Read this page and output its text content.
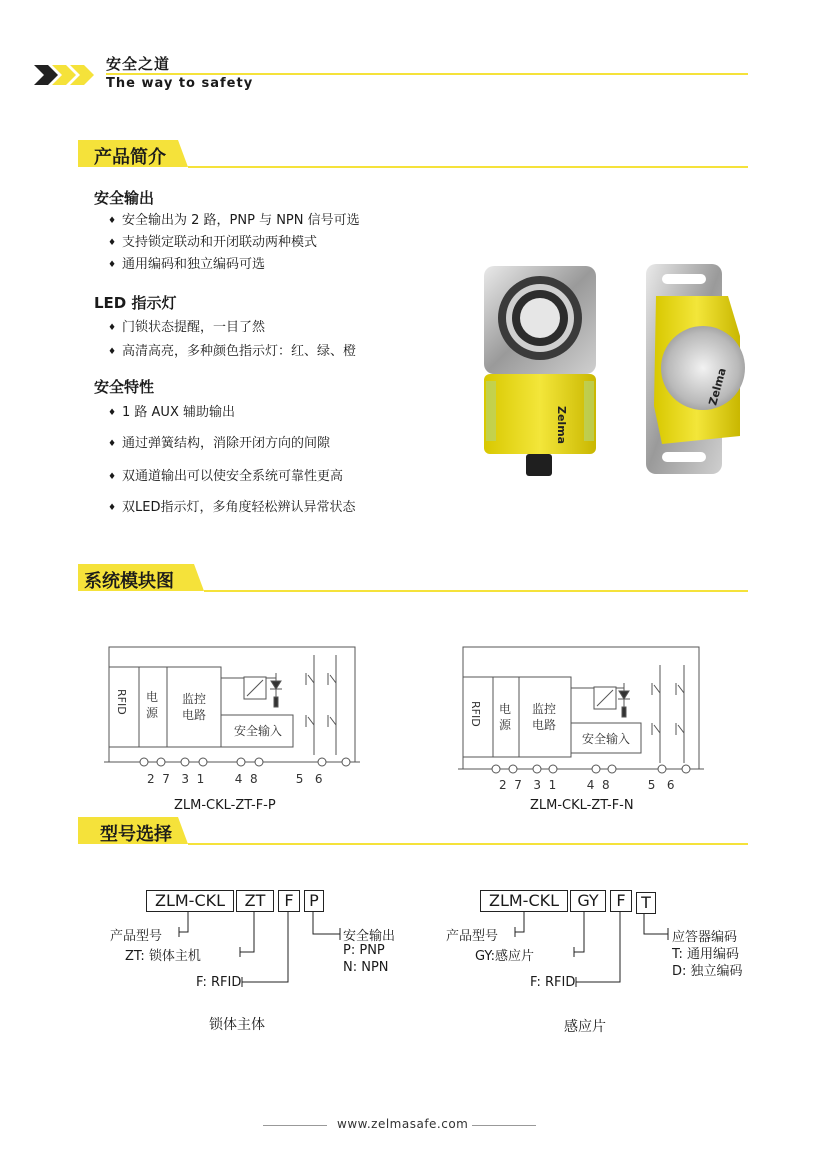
安全之道
The way to safety
产品简介
安全输出
♦ 安全输出为 2 路，PNP 与 NPN 信号可选
♦ 支持锁定联动和开闭联动两种模式
♦ 通用编码和独立编码可选
LED 指示灯
♦ 门锁状态提醒，一目了然
♦ 高清高亮，多种颜色指示灯：红、绿、橙
安全特性
♦ 1 路 AUX 辅助输出
♦ 通过弹簧结构，消除开闭方向的间隙
♦ 双通道输出可以使安全系统可靠性更高
♦ 双LED指示灯，多角度轻松辨认异常状态
Zelma
Zelma
系统模块图
RFID 电源
监控电路
安全输入
2  7   3  1        4  8          5   6
ZLM-CKL-ZT-F-P
RFID 电源
监控电路
安全输入
2  7   3  1        4  8          5   6
ZLM-CKL-ZT-F-N
型号选择
ZLM-CKL	ZT	F P
产品型号
ZT: 锁体主机
F: RFID
安全输出
P: PNP
N: NPN
锁体主体
ZLM-CKL	GY	F T
产品型号
GY:感应片
F: RFID
应答器编码
T: 通用编码
D: 独立编码
感应片
www.zelmasafe.com
